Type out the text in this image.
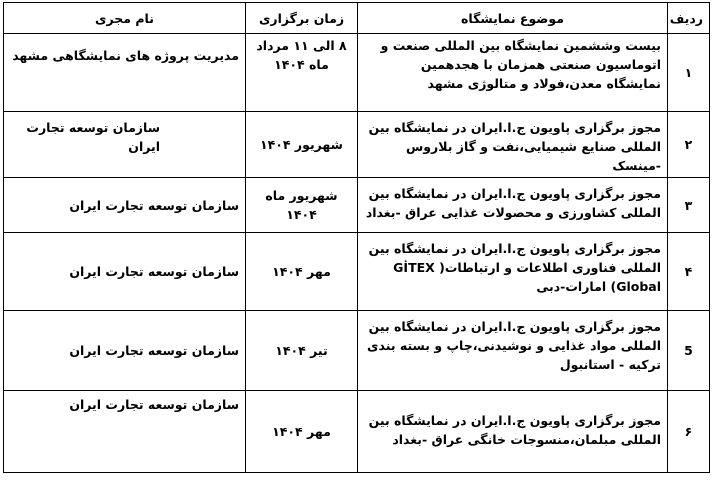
ردیف	موضوع نمایشگاه	زمان برگزاری	نام مجری
۱	بیست وششمین نمایشگاه بین المللی صنعت و اتوماسیون صنعتی همزمان با هجدهمین نمایشگاه معدن،فولاد و متالوژی مشهد	۸ الی ۱۱ مرداد ماه ۱۴۰۴	مدیریت پروژه های نمایشگاهی مشهد
۲	مجوز برگزاری پاویون ج.ا.ایران در نمایشگاه بین المللی صنایع شیمیایی،نفت و گاز بلاروس -مینسک	شهریور ۱۴۰۴	سازمان توسعه تجارت ایران
۳	مجوز برگزاری پاویون ج.ا.ایران در نمایشگاه بین المللی کشاورزی و محصولات غذایی عراق -بغداد	شهریور ماه ۱۴۰۴	سازمان توسعه تجارت ایران
۴	مجوز برگزاری پاویون ج.ا.ایران در نمایشگاه بین المللی فناوری اطلاعات و ارتباطات( GİTEX Global) امارات-دبی	مهر ۱۴۰۴	سازمان توسعه تجارت ایران
5	مجوز برگزاری پاویون ج.ا.ایران در نمایشگاه بین المللی مواد غذایی و نوشیدنی،چاپ و بسته بندی ترکیه - استانبول	تیر ۱۴۰۴	سازمان توسعه تجارت ایران
۶	مجوز برگزاری پاویون ج.ا.ایران در نمایشگاه بین المللی مبلمان،منسوجات خانگی عراق -بغداد	مهر ۱۴۰۴	سازمان توسعه تجارت ایران
